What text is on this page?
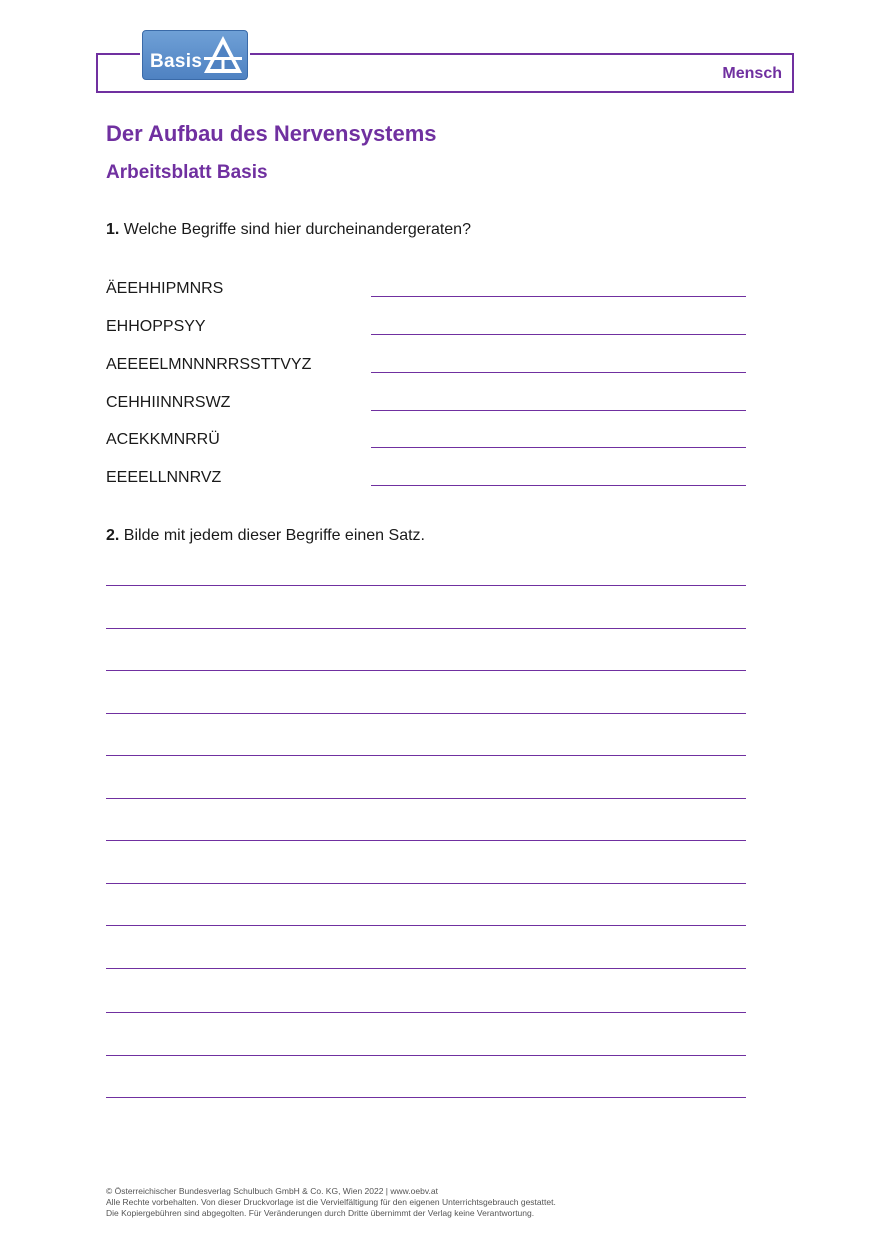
Mensch
Basis
Der Aufbau des Nervensystems
Arbeitsblatt Basis
1. Welche Begriffe sind hier durcheinandergeraten?
ÄEEHHIPMNRS
EHHOPPSYY
AEEEELMNNNRRSSTTVYZ
CEHHIINNRSWZ
ACEKKMNRRÜ
EEEELLNNRVZ
2. Bilde mit jedem dieser Begriffe einen Satz.
© Österreichischer Bundesverlag Schulbuch GmbH & Co. KG, Wien 2022 | www.oebv.at
Alle Rechte vorbehalten. Von dieser Druckvorlage ist die Vervielfältigung für den eigenen Unterrichtsgebrauch gestattet.
Die Kopiergebühren sind abgegolten. Für Veränderungen durch Dritte übernimmt der Verlag keine Verantwortung.
